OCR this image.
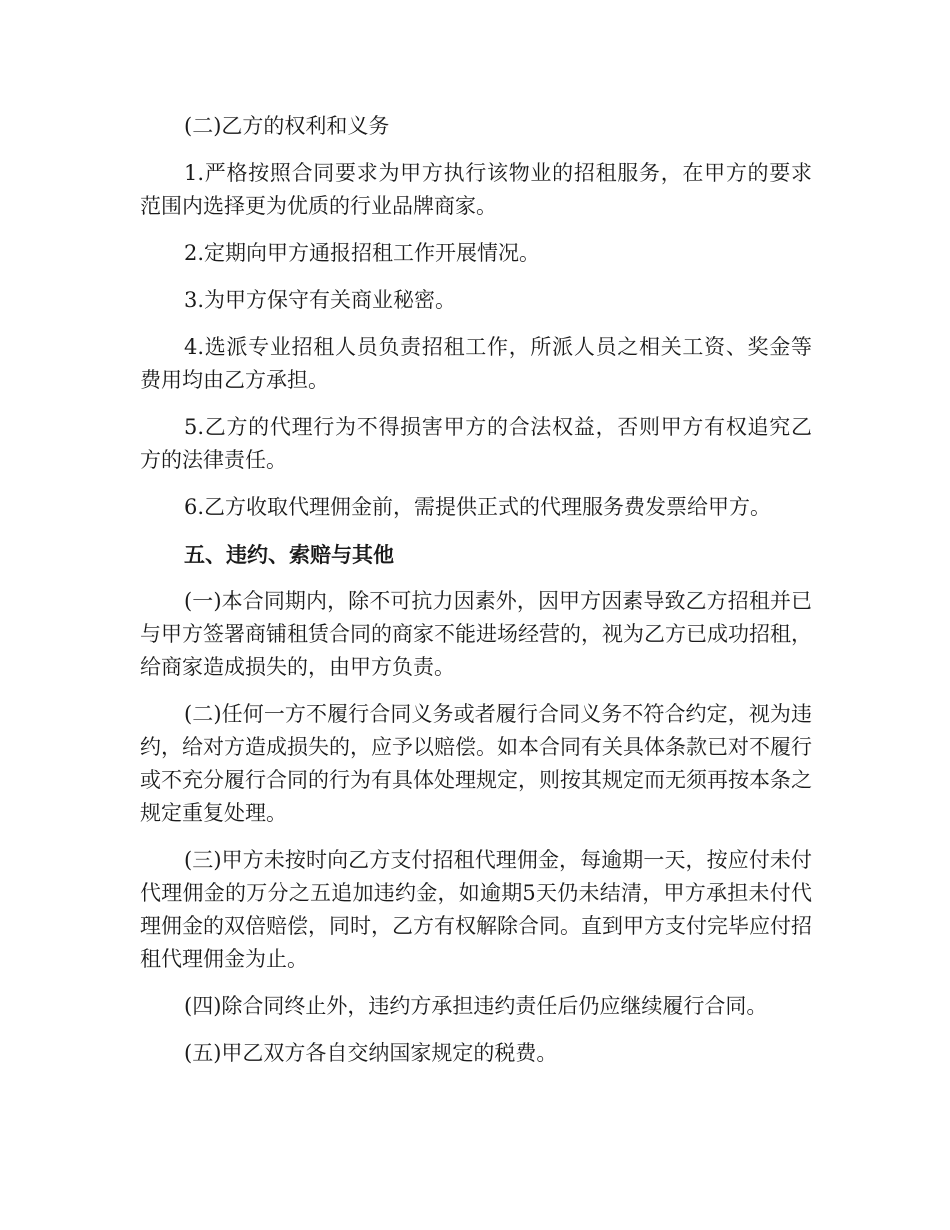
(二)乙方的权利和义务

1.严格按照合同要求为甲方执行该物业的招租服务，在甲方的要求范围内选择更为优质的行业品牌商家。

2.定期向甲方通报招租工作开展情况。

3.为甲方保守有关商业秘密。

4.选派专业招租人员负责招租工作，所派人员之相关工资、奖金等费用均由乙方承担。

5.乙方的代理行为不得损害甲方的合法权益，否则甲方有权追究乙方的法律责任。

6.乙方收取代理佣金前，需提供正式的代理服务费发票给甲方。

五、违约、索赔与其他

(一)本合同期内，除不可抗力因素外，因甲方因素导致乙方招租并已与甲方签署商铺租赁合同的商家不能进场经营的，视为乙方已成功招租，给商家造成损失的，由甲方负责。

(二)任何一方不履行合同义务或者履行合同义务不符合约定，视为违约，给对方造成损失的，应予以赔偿。如本合同有关具体条款已对不履行或不充分履行合同的行为有具体处理规定，则按其规定而无须再按本条之规定重复处理。

(三)甲方未按时向乙方支付招租代理佣金，每逾期一天，按应付未付代理佣金的万分之五追加违约金，如逾期5天仍未结清，甲方承担未付代理佣金的双倍赔偿，同时，乙方有权解除合同。直到甲方支付完毕应付招租代理佣金为止。

(四)除合同终止外，违约方承担违约责任后仍应继续履行合同。

(五)甲乙双方各自交纳国家规定的税费。
